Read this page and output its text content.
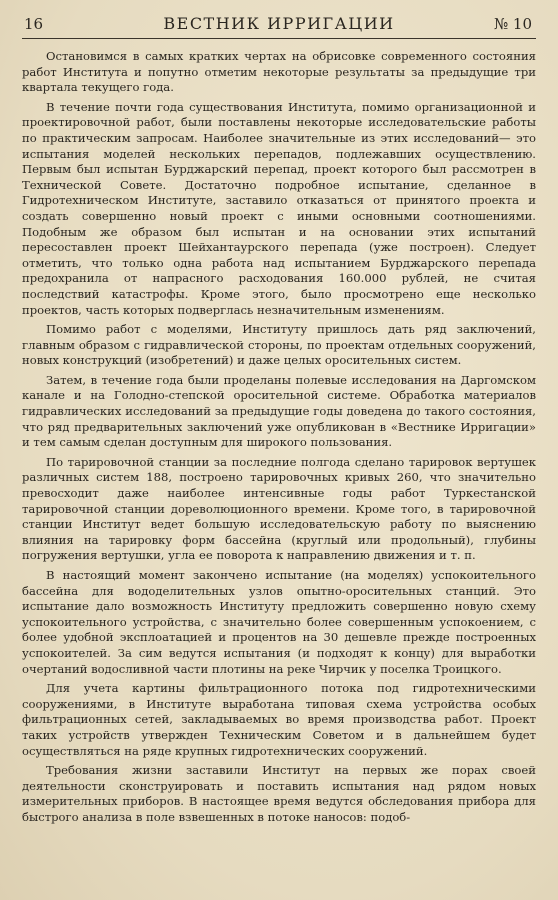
16	ВЕСТНИК ИРРИГАЦИИ	№ 10

Остановимся в самых кратких чертах на обрисовке современного состояния работ Института и попутно отметим некоторые результаты за предыдущие три квартала текущего года.

В течение почти года существования Института, помимо организационной и проектировочной работ, были поставлены некоторые исследовательские работы по практическим запросам. Наиболее значительные из этих исследований— это испытания моделей нескольких перепадов, подлежавших осуществлению. Первым был испытан Бурджарский перепад, проект которого был рассмотрен в Технической Совете. Достаточно подробное испытание, сделанное в Гидротехническом Институте, заставило отказаться от принятого проекта и создать совершенно новый проект с иными основными соотношениями. Подобным же образом был испытан и на основании этих испытаний пересоставлен проект Шейхантаурского перепада (уже построен). Следует отметить, что только одна работа над испытанием Бурджарского перепада предохранила от напрасного расходования 160.000 рублей, не считая последствий катастрофы. Кроме этого, было просмотрено еще несколько проектов, часть которых подверглась незначительным изменениям.

Помимо работ с моделями, Институту пришлось дать ряд заключений, главным образом с гидравлической стороны, по проектам отдельных сооружений, новых конструкций (изобретений) и даже целых оросительных систем.

Затем, в течение года были проделаны полевые исследования на Даргомском канале и на Голодно-степской оросительной системе. Обработка материалов гидравлических исследований за предыдущие годы доведена до такого состояния, что ряд предварительных заключений уже опубликован в «Вестнике Ирригации» и тем самым сделан доступным для широкого пользования.

По тарировочной станции за последние полгода сделано тарировок вертушек различных систем 188, построено тарировочных кривых 260, что значительно превосходит даже наиболее интенсивные годы работ Туркестанской тарировочной станции дореволюционного времени. Кроме того, в тарировочной станции Институт ведет большую исследовательскую работу по выяснению влияния на тарировку форм бассейна (круглый или продольный), глубины погружения вертушки, угла ее поворота к направлению движения и т. п.

В настоящий момент закончено испытание (на моделях) успокоительного бассейна для вододелительных узлов опытно-оросительных станций. Это испытание дало возможность Институту предложить совершенно новую схему успокоительного устройства, с значительно более совершенным успокоением, с более удобной эксплоатацией и процентов на 30 дешевле прежде построенных успокоителей. За сим ведутся испытания (и подходят к концу) для выработки очертаний водосливной части плотины на реке Чирчик у поселка Троицкого.

Для учета картины фильтрационного потока под гидротехническими сооружениями, в Институте выработана типовая схема устройства особых фильтрационных сетей, закладываемых во время производства работ. Проект таких устройств утвержден Техническим Советом и в дальнейшем будет осуществляться на ряде крупных гидротехнических сооружений.

Требования жизни заставили Институт на первых же порах своей деятельности сконструировать и поставить испытания над рядом новых измерительных приборов. В настоящее время ведутся обследования прибора для быстрого анализа в поле взвешенных в потоке наносов: подоб-
